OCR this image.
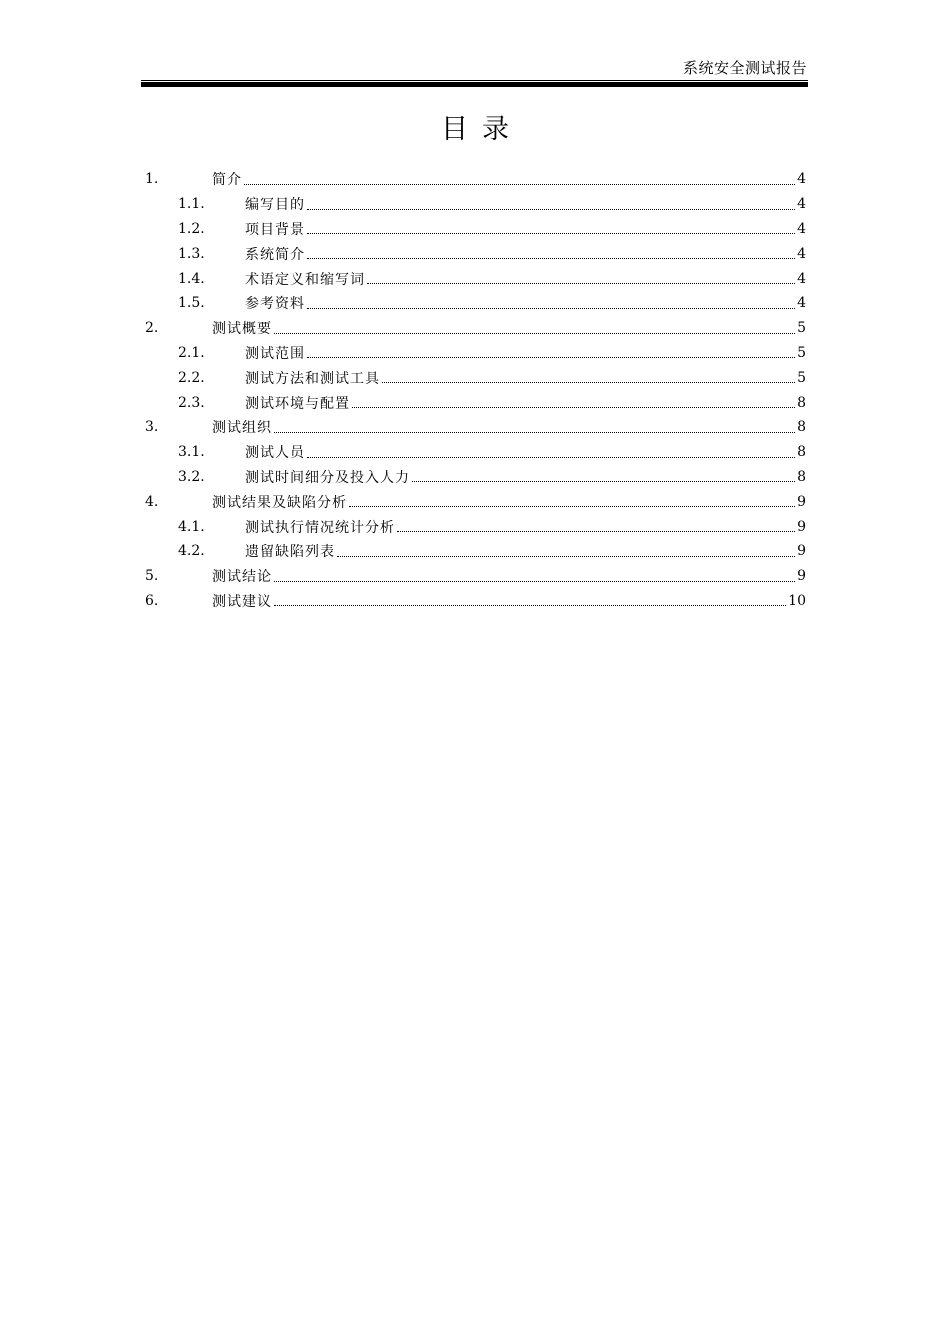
系统安全测试报告
目录
1.	简介	4
1.1.	编写目的	4
1.2.	项目背景	4
1.3.	系统简介	4
1.4.	术语定义和缩写词	4
1.5.	参考资料	4
2.	测试概要	5
2.1.	测试范围	5
2.2.	测试方法和测试工具	5
2.3.	测试环境与配置	8
3.	测试组织	8
3.1.	测试人员	8
3.2.	测试时间细分及投入人力	8
4.	测试结果及缺陷分析	9
4.1.	测试执行情况统计分析	9
4.2.	遗留缺陷列表	9
5.	测试结论	9
6.	测试建议	10
